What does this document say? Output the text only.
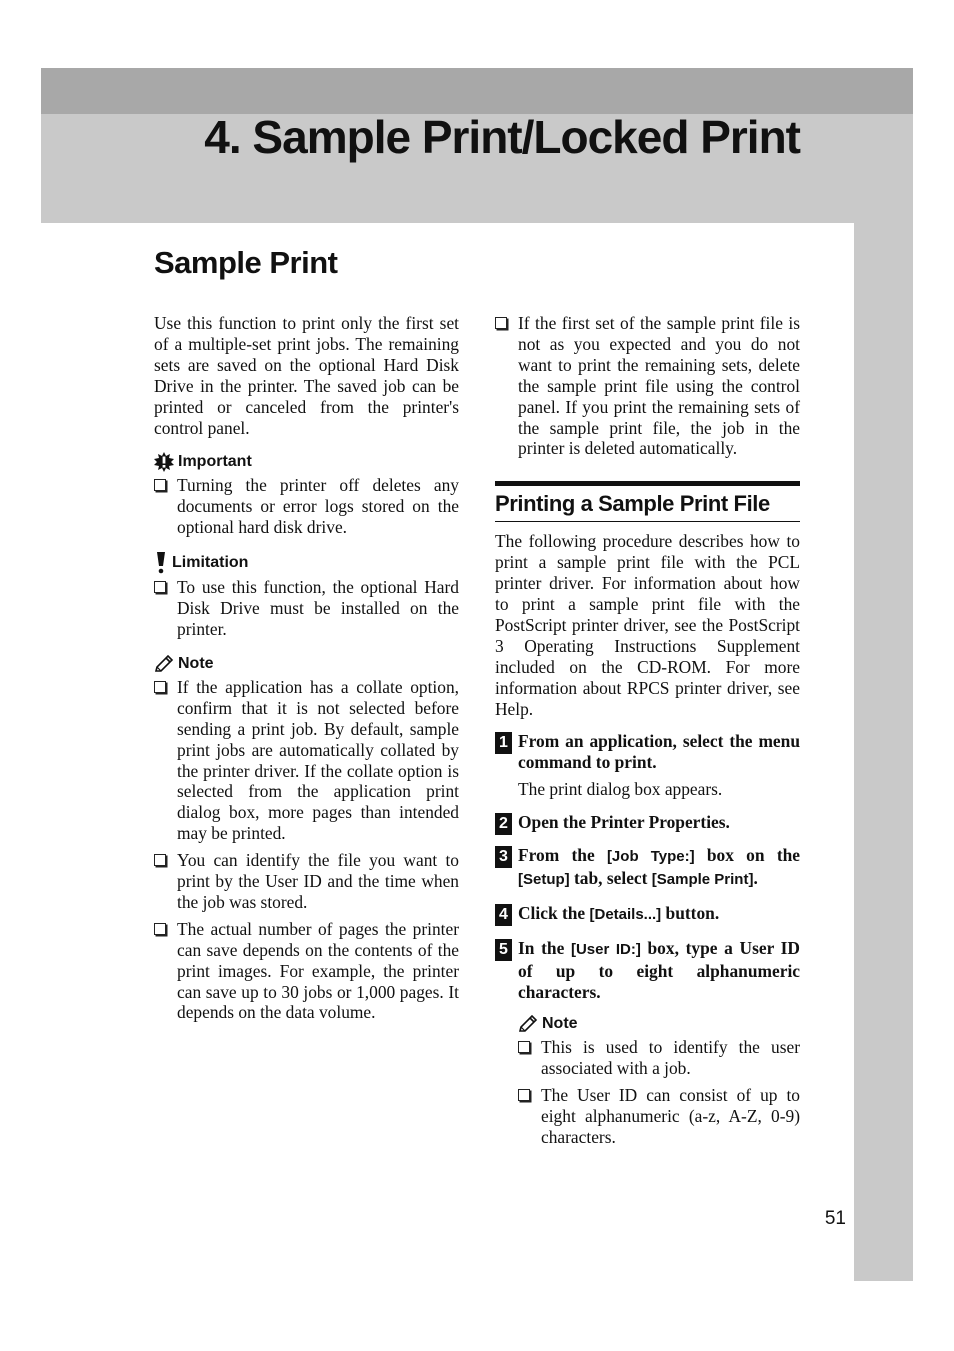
4. Sample Print/Locked Print
Sample Print

Use this function to print only the first set of a multiple-set print jobs. The remaining sets are saved on the optional Hard Disk Drive in the printer. The saved job can be printed or canceled from the printer's control panel.

Important
Turning the printer off deletes any documents or error logs stored on the optional hard disk drive.
Limitation
To use this function, the optional Hard Disk Drive must be installed on the printer.
Note
If the application has a collate option, confirm that it is not selected before sending a print job. By default, sample print jobs are automatically collated by the printer driver. If the collate option is selected from the application print dialog box, more pages than intended may be printed.
You can identify the file you want to print by the User ID and the time when the job was stored.
The actual number of pages the printer can save depends on the contents of the print images. For example, the printer can save up to 30 jobs or 1,000 pages. It depends on the data volume.
If the first set of the sample print file is not as you expected and you do not want to print the remaining sets, delete the sample print file using the control panel. If you print the remaining sets of the sample print file, the job in the printer is deleted automatically.
Printing a Sample Print File

The following procedure describes how to print a sample print file with the PCL printer driver. For information about how to print a sample print file with the PostScript printer driver, see the PostScript 3 Operating Instructions Supplement included on the CD-ROM. For more information about RPCS printer driver, see Help.

1 From an application, select the menu command to print.
The print dialog box appears.
2 Open the Printer Properties.
3 From the [Job Type:] box on the [Setup] tab, select [Sample Print].
4 Click the [Details...] button.
5 In the [User ID:] box, type a User ID of up to eight alphanumeric characters.
Note
This is used to identify the user associated with a job.
The User ID can consist of up to eight alphanumeric (a-z, A-Z, 0-9) characters.
51
